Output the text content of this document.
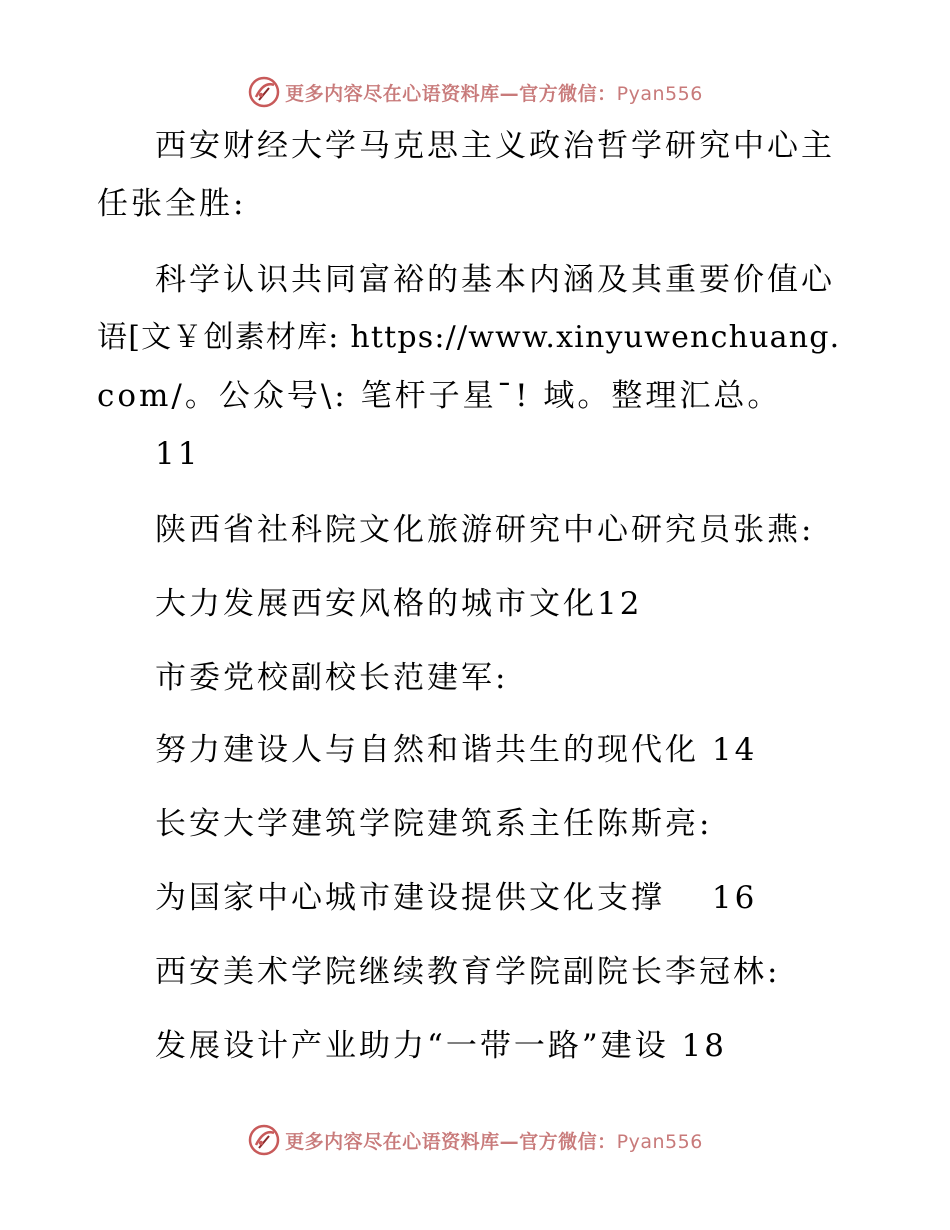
更多内容尽在心语资料库—官方微信：Pyan556
西安财经大学马克思主义政治哲学研究中心主
任张全胜:
科学认识共同富裕的基本内涵及其重要价值心
语[文￥创素材库: https://www.xinyuwenchuang.
com/。公众号\: 笔杆子星¯! 域。整理汇总。
11
陕西省社科院文化旅游研究中心研究员张燕:
大力发展西安风格的城市文化12
市委党校副校长范建军:
努力建设人与自然和谐共生的现代化 14
长安大学建筑学院建筑系主任陈斯亮:
为国家中心城市建设提供文化支撑　 16
西安美术学院继续教育学院副院长李冠林:
发展设计产业助力“一带一路”建设 18
更多内容尽在心语资料库—官方微信：Pyan556
